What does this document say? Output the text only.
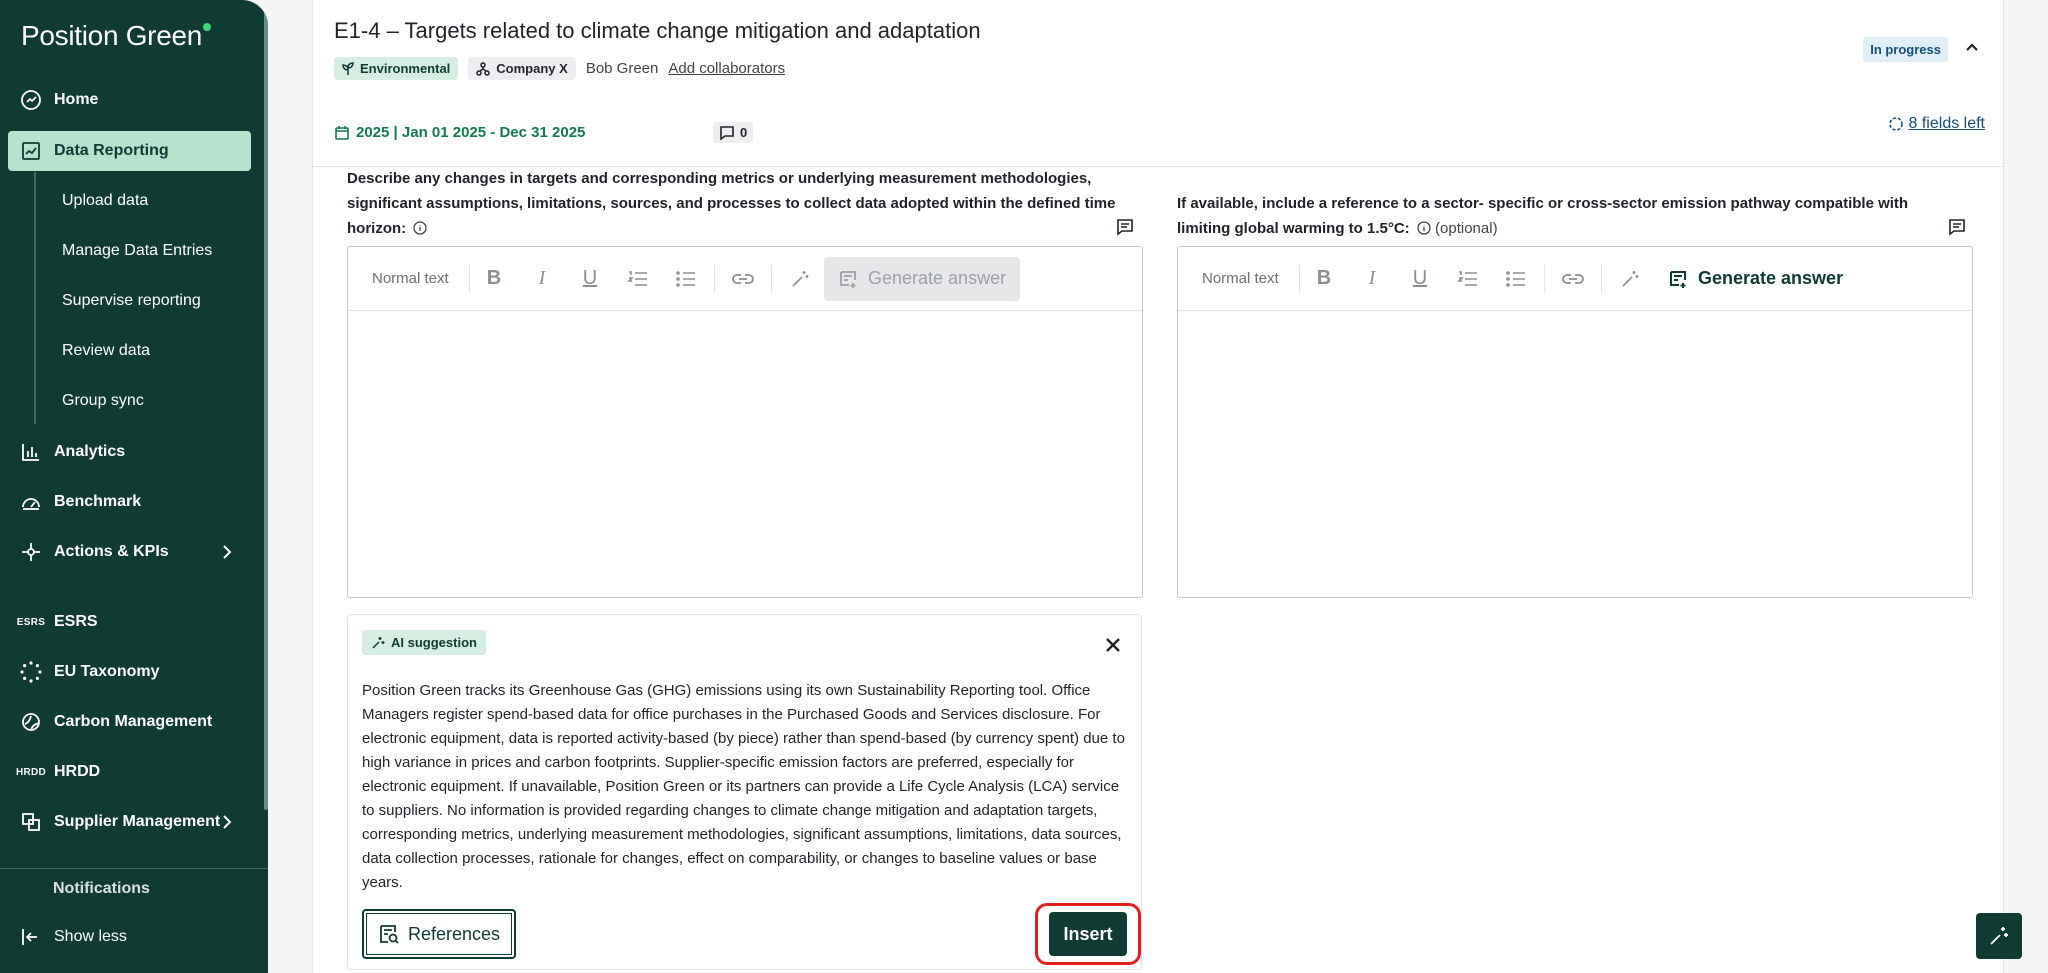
Position Green
Home
Data Reporting
Upload data
Manage Data Entries
Supervise reporting
Review data
Group sync
Analytics
Benchmark
Actions & KPIs
ESRS ESRS
EU Taxonomy
Carbon Management
HRDD HRDD
Supplier Management
Notifications
Show less
E1-4 – Targets related to climate change mitigation and adaptation
Environmental	Company X Bob Green Add collaborators
In progress
2025 | Jan 01 2025 - Dec 31 2025	0
8 fields left
Describe any changes in targets and corresponding metrics or underlying measurement methodologies, significant assumptions, limitations, sources, and processes to collect data adopted within the defined time horizon:
If available, include a reference to a sector- specific or cross-sector emission pathway compatible with limiting global warming to 1.5°C: (optional)
Normal text	B I U	Generate answer	Normal text	B I U	Generate answer
AI suggestion
Position Green tracks its Greenhouse Gas (GHG) emissions using its own Sustainability Reporting tool. Office Managers register spend-based data for office purchases in the Purchased Goods and Services disclosure. For electronic equipment, data is reported activity-based (by piece) rather than spend-based (by currency spent) due to high variance in prices and carbon footprints. Supplier-specific emission factors are preferred, especially for electronic equipment. If unavailable, Position Green or its partners can provide a Life Cycle Analysis (LCA) service to suppliers. No information is provided regarding changes to climate change mitigation and adaptation targets, corresponding metrics, underlying measurement methodologies, significant assumptions, limitations, data sources, data collection processes, rationale for changes, effect on comparability, or changes to baseline values or base years.
References	Insert
